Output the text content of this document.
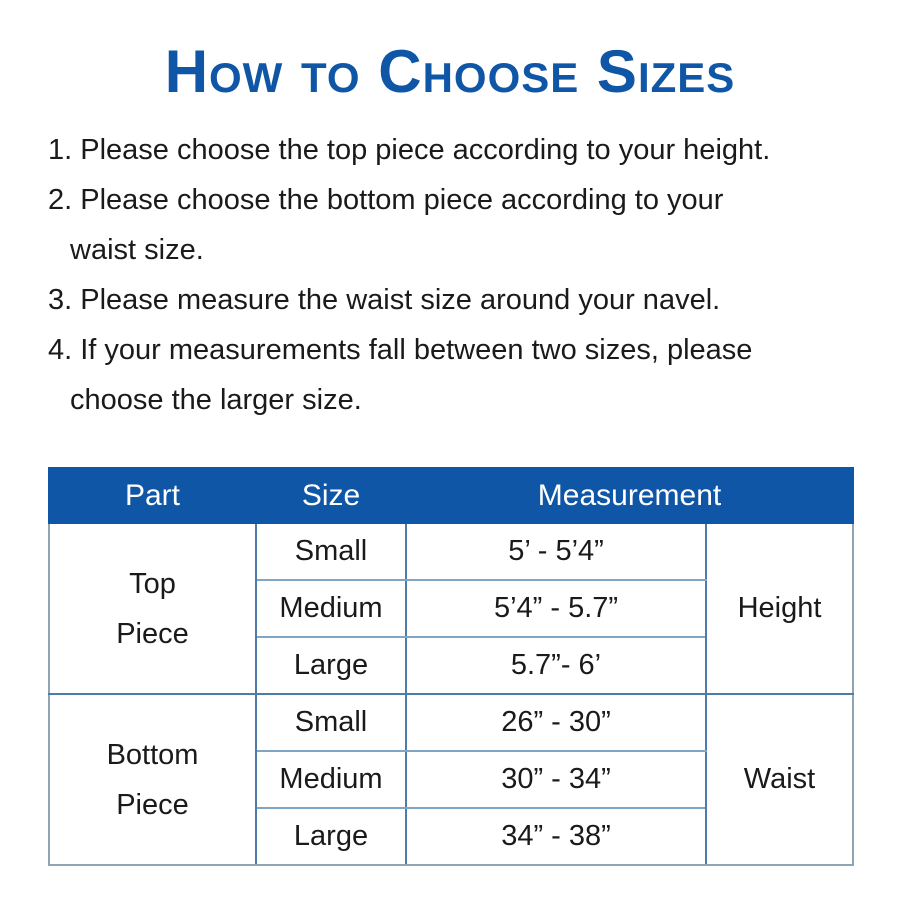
How to Choose Sizes
1. Please choose the top piece according to your height.
2. Please choose the bottom piece according to your
waist size.
3. Please measure the waist size around your navel.
4. If your measurements fall between two sizes, please
choose the larger size.
Part	Size	Measurement	

Top
Piece	Small	5’ - 5’4”	Height
	Medium	5’4” - 5.7”	
	Large	5.7”- 6’	

Bottom
Piece	Small	26” - 30”	Waist
	Medium	30” - 34”	
	Large	34” - 38”	
